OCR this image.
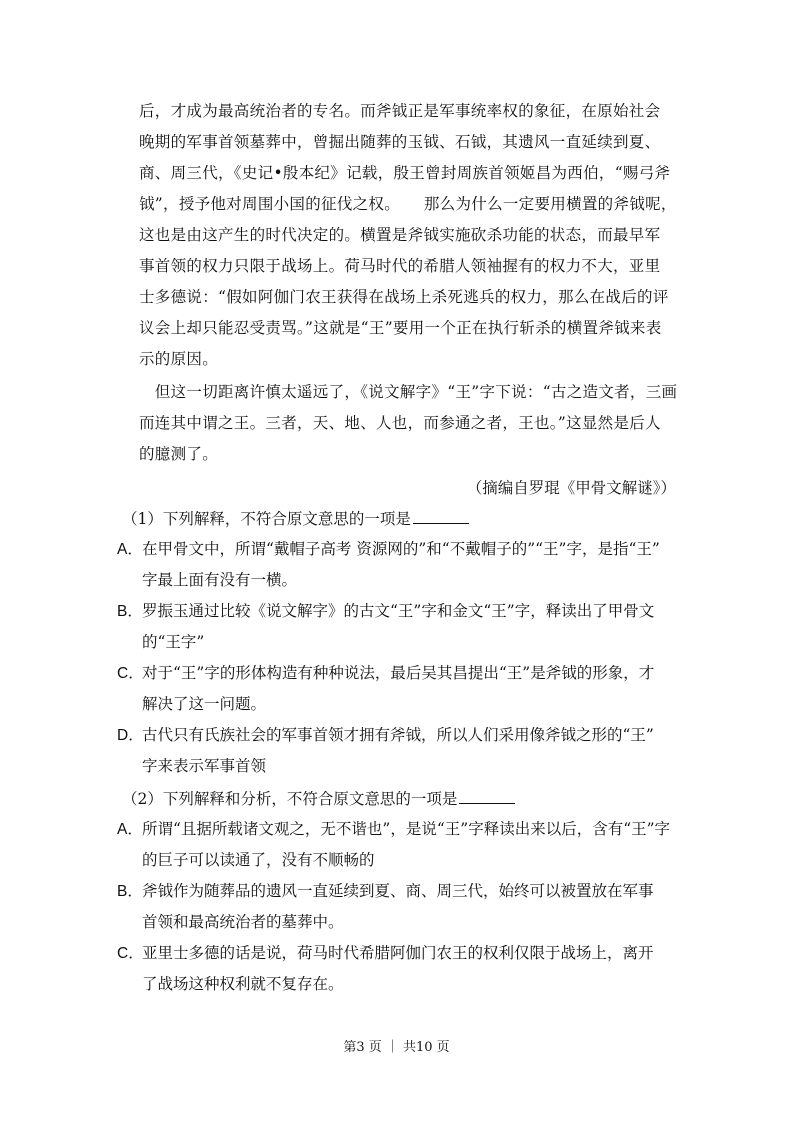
后，才成为最高统治者的专名。而斧钺正是军事统率权的象征，在原始社会
晚期的军事首领墓葬中，曾掘出随葬的玉钺、石钺，其遗风一直延续到夏、
商、周三代，《史记•殷本纪》记载，殷王曾封周族首领姬昌为西伯，“赐弓斧
钺”，授予他对周围小国的征伐之权。　　那么为什么一定要用横置的斧钺呢，
这也是由这产生的时代决定的。横置是斧钺实施砍杀功能的状态，而最早军
事首领的权力只限于战场上。荷马时代的希腊人领袖握有的权力不大，亚里
士多德说：“假如阿伽门农王获得在战场上杀死逃兵的权力，那么在战后的评
议会上却只能忍受责骂。”这就是“王”要用一个正在执行斩杀的横置斧钺来表
示的原因。
　但这一切距离许慎太遥远了，《说文解字》“王”字下说：“古之造文者，三画
而连其中谓之王。三者，天、地、人也，而参通之者，王也。”这显然是后人
的臆测了。
（摘编自罗琨《甲骨文解谜》）
（1）下列解释，不符合原文意思的一项是
A．在甲骨文中，所谓“戴帽子高考 资源网的”和“不戴帽子的”“王”字，是指“王”
字最上面有没有一横。
B．罗振玉通过比较《说文解字》的古文“王”字和金文“王”字，释读出了甲骨文
的“王字”
C．对于“王”字的形体构造有种种说法，最后吴其昌提出“王”是斧钺的形象，才
解决了这一问题。
D．古代只有氏族社会的军事首领才拥有斧钺，所以人们采用像斧钺之形的“王”
字来表示军事首领
（2）下列解释和分析，不符合原文意思的一项是
A．所谓“且据所载诸文观之，无不谐也”，是说“王”字释读出来以后，含有“王”字
的巨子可以读通了，没有不顺畅的
B．斧钺作为随葬品的遗风一直延续到夏、商、周三代，始终可以被置放在军事
首领和最高统治者的墓葬中。
C．亚里士多德的话是说，荷马时代希腊阿伽门农王的权利仅限于战场上，离开
了战场这种权利就不复存在。
第3 页 ｜ 共10 页
